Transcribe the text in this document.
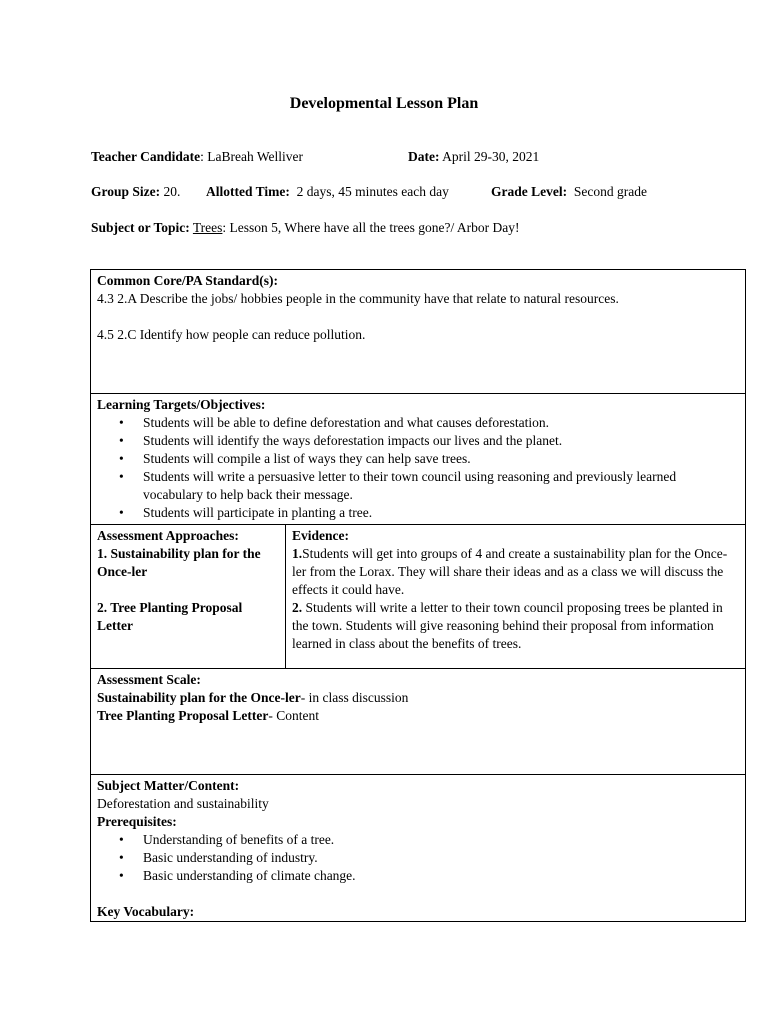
Developmental Lesson Plan
Teacher Candidate: LaBreah Welliver	Date: April 29-30, 2021
Group Size: 20. Allotted Time: 2 days, 45 minutes each day	Grade Level: Second grade
Subject or Topic: Trees: Lesson 5, Where have all the trees gone?/ Arbor Day!
Common Core/PA Standard(s):
4.3 2.A Describe the jobs/ hobbies people in the community have that relate to natural resources.
4.5 2.C Identify how people can reduce pollution.
Learning Targets/Objectives:
• Students will be able to define deforestation and what causes deforestation.
• Students will identify the ways deforestation impacts our lives and the planet.
• Students will compile a list of ways they can help save trees.
• Students will write a persuasive letter to their town council using reasoning and previously learned vocabulary to help back their message.
• Students will participate in planting a tree.
Assessment Approaches:
1. Sustainability plan for the Once-ler
2. Tree Planting Proposal Letter
Evidence:
1.Students will get into groups of 4 and create a sustainability plan for the Once-ler from the Lorax. They will share their ideas and as a class we will discuss the effects it could have.
2. Students will write a letter to their town council proposing trees be planted in the town. Students will give reasoning behind their proposal from information learned in class about the benefits of trees.
Assessment Scale:
Sustainability plan for the Once-ler- in class discussion
Tree Planting Proposal Letter- Content
Subject Matter/Content:
Deforestation and sustainability
Prerequisites:
• Understanding of benefits of a tree.
• Basic understanding of industry.
• Basic understanding of climate change.
Key Vocabulary:
